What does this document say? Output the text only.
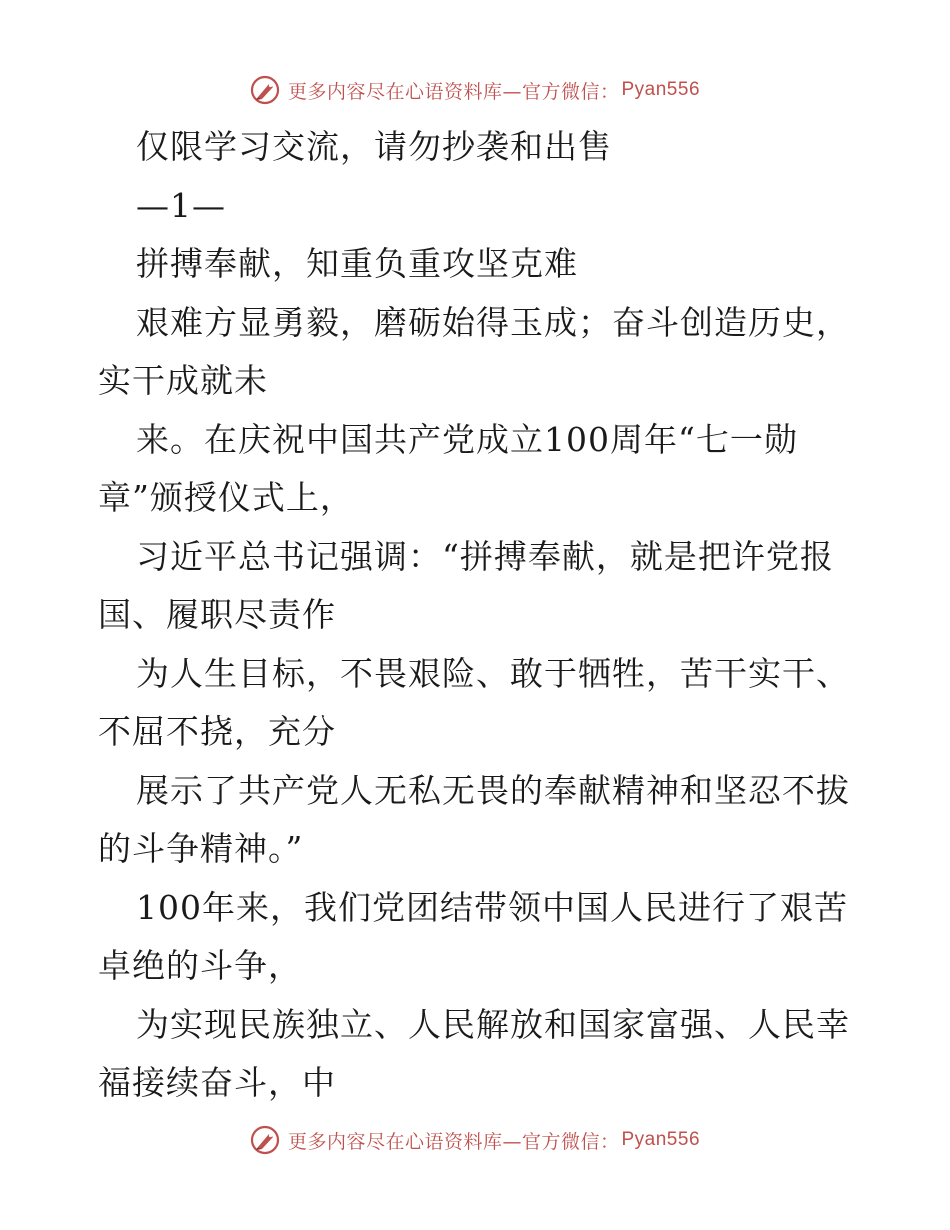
更多内容尽在心语资料库—官方微信： Pyan556
仅限学习交流，请勿抄袭和出售
—1—
拼搏奉献，知重负重攻坚克难
艰难方显勇毅，磨砺始得玉成；奋斗创造历史，
实干成就未
来。在庆祝中国共产党成立100周年“七一勋
章”颁授仪式上，
习近平总书记强调：“拼搏奉献，就是把许党报
国、履职尽责作
为人生目标，不畏艰险、敢于牺牲，苦干实干、
不屈不挠，充分
展示了共产党人无私无畏的奉献精神和坚忍不拔
的斗争精神。”
100年来，我们党团结带领中国人民进行了艰苦
卓绝的斗争，
为实现民族独立、人民解放和国家富强、人民幸
福接续奋斗，中
更多内容尽在心语资料库—官方微信： Pyan556
